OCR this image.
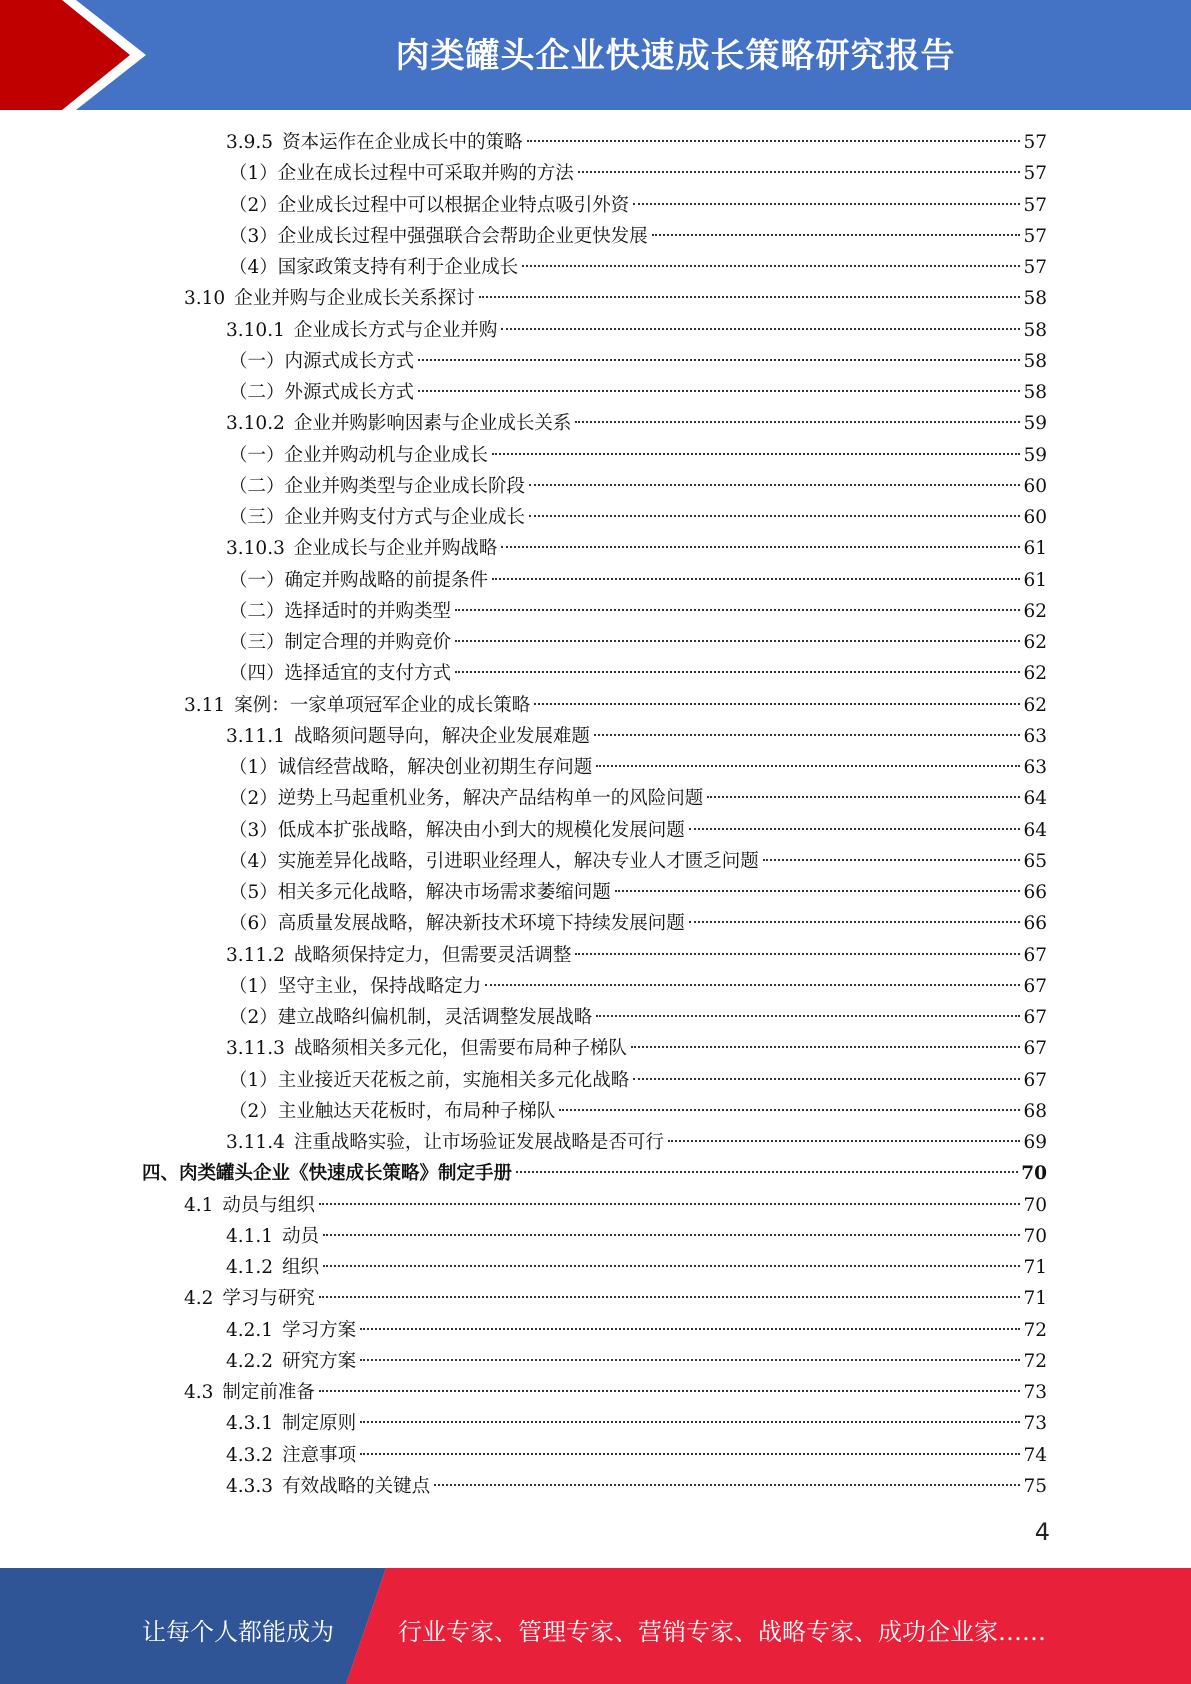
肉类罐头企业快速成长策略研究报告
3.9.5 资本运作在企业成长中的策略	57
（1）企业在成长过程中可采取并购的方法	57
（2）企业成长过程中可以根据企业特点吸引外资	57
（3）企业成长过程中强强联合会帮助企业更快发展	57
（4）国家政策支持有利于企业成长	57
3.10 企业并购与企业成长关系探讨	58
3.10.1 企业成长方式与企业并购	58
（一）内源式成长方式	58
（二）外源式成长方式	58
3.10.2 企业并购影响因素与企业成长关系	59
（一）企业并购动机与企业成长	59
（二）企业并购类型与企业成长阶段	60
（三）企业并购支付方式与企业成长	60
3.10.3 企业成长与企业并购战略	61
（一）确定并购战略的前提条件	61
（二）选择适时的并购类型	62
（三）制定合理的并购竞价	62
（四）选择适宜的支付方式	62
3.11 案例：一家单项冠军企业的成长策略	62
3.11.1 战略须问题导向，解决企业发展难题	63
（1）诚信经营战略，解决创业初期生存问题	63
（2）逆势上马起重机业务，解决产品结构单一的风险问题	64
（3）低成本扩张战略，解决由小到大的规模化发展问题	64
（4）实施差异化战略，引进职业经理人，解决专业人才匮乏问题	65
（5）相关多元化战略，解决市场需求萎缩问题	66
（6）高质量发展战略，解决新技术环境下持续发展问题	66
3.11.2 战略须保持定力，但需要灵活调整	67
（1）坚守主业，保持战略定力	67
（2）建立战略纠偏机制，灵活调整发展战略	67
3.11.3 战略须相关多元化，但需要布局种子梯队	67
（1）主业接近天花板之前，实施相关多元化战略	67
（2）主业触达天花板时，布局种子梯队	68
3.11.4 注重战略实验，让市场验证发展战略是否可行	69
四、肉类罐头企业《快速成长策略》制定手册	70
4.1 动员与组织	70
4.1.1 动员	70
4.1.2 组织	71
4.2 学习与研究	71
4.2.1 学习方案	72
4.2.2 研究方案	72
4.3 制定前准备	73
4.3.1 制定原则	73
4.3.2 注意事项	74
4.3.3 有效战略的关键点	75
4
让每个人都能成为	行业专家、管理专家、营销专家、战略专家、成功企业家……
